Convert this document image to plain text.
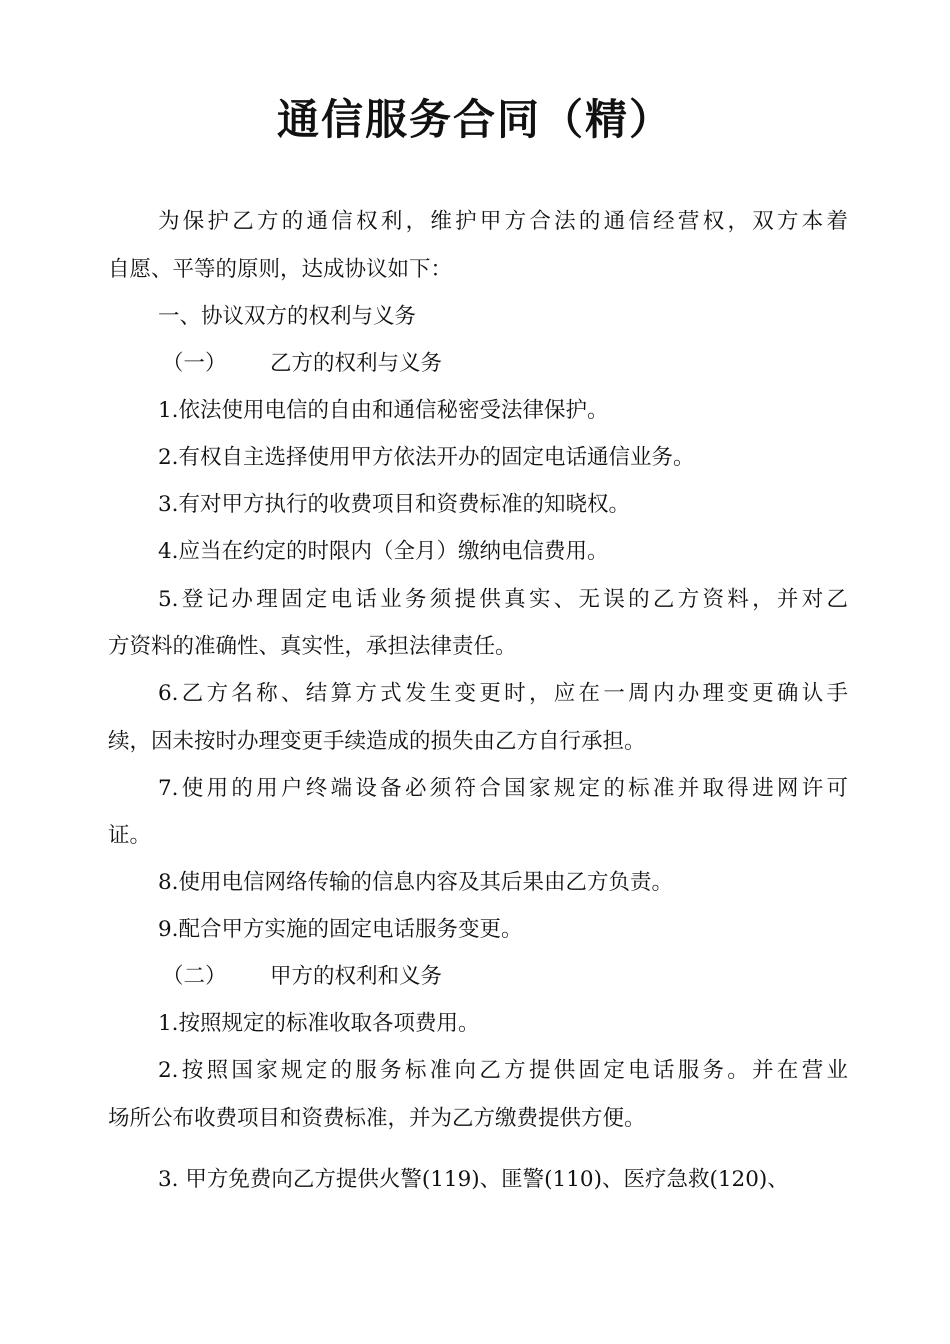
通信服务合同（精）
为保护乙方的通信权利，维护甲方合法的通信经营权，双方本着
自愿、平等的原则，达成协议如下：
一、协议双方的权利与义务
（一） 乙方的权利与义务
1.依法使用电信的自由和通信秘密受法律保护。
2.有权自主选择使用甲方依法开办的固定电话通信业务。
3.有对甲方执行的收费项目和资费标准的知晓权。
4.应当在约定的时限内（全月）缴纳电信费用。
5.登记办理固定电话业务须提供真实、无误的乙方资料，并对乙
方资料的准确性、真实性，承担法律责任。
6.乙方名称、结算方式发生变更时，应在一周内办理变更确认手
续，因未按时办理变更手续造成的损失由乙方自行承担。
7.使用的用户终端设备必须符合国家规定的标准并取得进网许可
证。
8.使用电信网络传输的信息内容及其后果由乙方负责。
9.配合甲方实施的固定电话服务变更。
（二） 甲方的权利和义务
1.按照规定的标准收取各项费用。
2.按照国家规定的服务标准向乙方提供固定电话服务。并在营业
场所公布收费项目和资费标准，并为乙方缴费提供方便。
3. 甲方免费向乙方提供火警(119)、匪警(110)、医疗急救(120)、
